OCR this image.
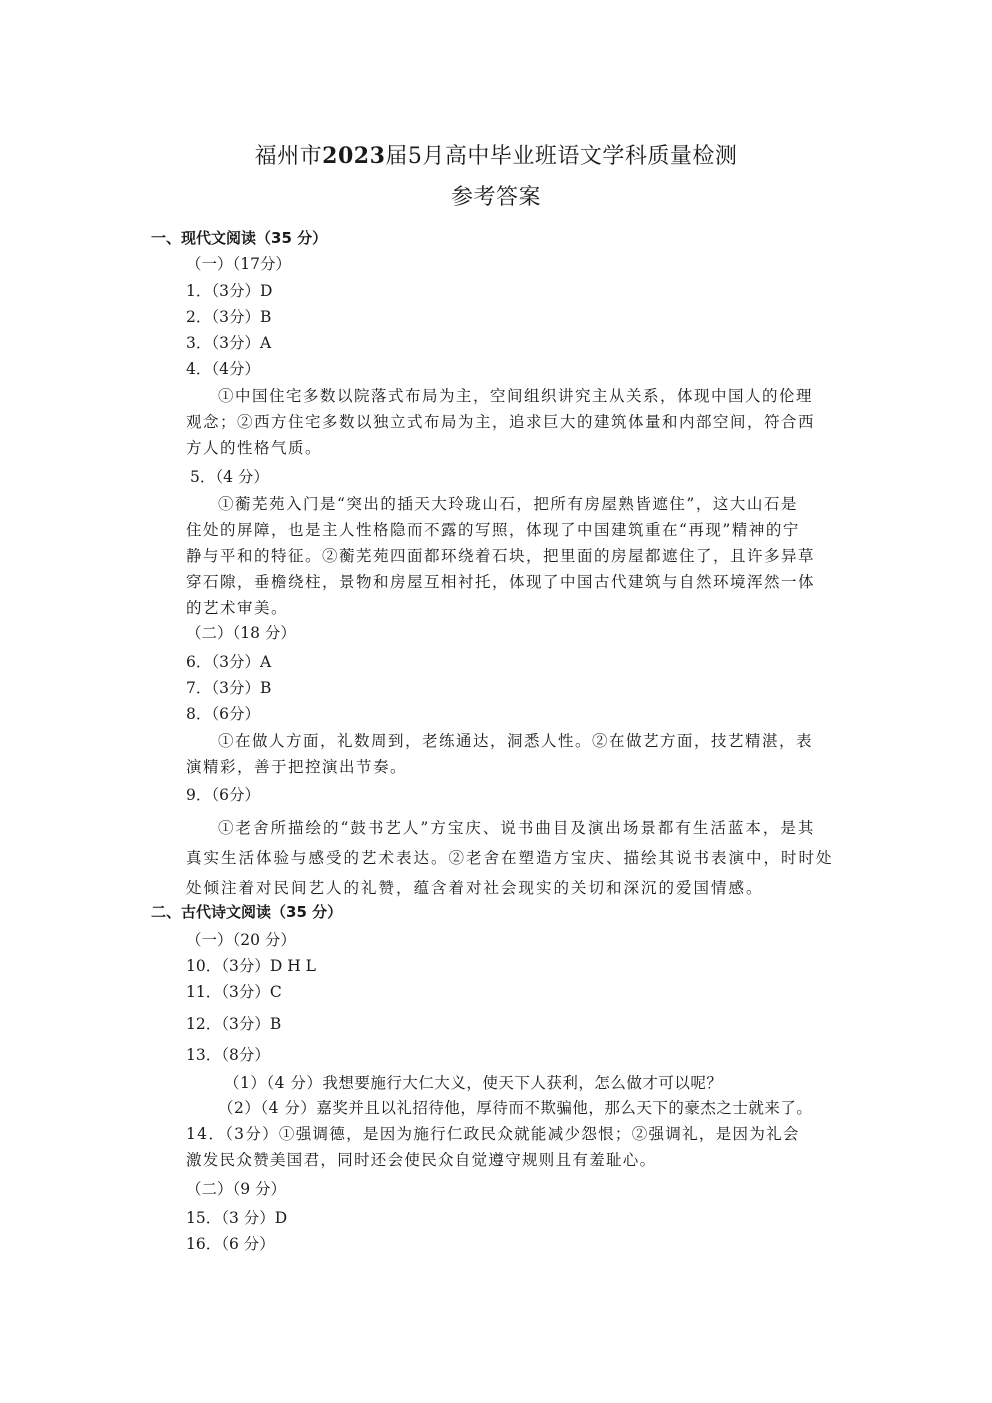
福州市2023届5月高中毕业班语文学科质量检测
参考答案
一、现代文阅读（35 分）
（一）（17分）
1．（3分）D
2．（3分）B
3．（3分）A
4．（4分）
①中国住宅多数以院落式布局为主，空间组织讲究主从关系，体现中国人的伦理
观念；②西方住宅多数以独立式布局为主，追求巨大的建筑体量和内部空间，符合西
方人的性格气质。
5．（4 分）
①蘅芜苑入门是“突出的插天大玲珑山石，把所有房屋熟皆遮住”，这大山石是
住处的屏障，也是主人性格隐而不露的写照，体现了中国建筑重在“再现”精神的宁
静与平和的特征。②蘅芜苑四面都环绕着石块，把里面的房屋都遮住了，且许多异草
穿石隙，垂檐绕柱，景物和房屋互相衬托，体现了中国古代建筑与自然环境浑然一体
的艺术审美。
（二）（18 分）
6．（3分）A
7．（3分）B
8．（6分）
①在做人方面，礼数周到，老练通达，洞悉人性。②在做艺方面，技艺精湛，表
演精彩，善于把控演出节奏。
9．（6分）
①老舍所描绘的“鼓书艺人”方宝庆、说书曲目及演出场景都有生活蓝本，是其
真实生活体验与感受的艺术表达。②老舍在塑造方宝庆、描绘其说书表演中，时时处
处倾注着对民间艺人的礼赞，蕴含着对社会现实的关切和深沉的爱国情感。
二、古代诗文阅读（35 分）
（一）（20 分）
10．（3分）D H L
11．（3分）C
12．（3分）B
13．（8分）
（1）（4 分）我想要施行大仁大义，使天下人获利，怎么做才可以呢？
（2）（4 分）嘉奖并且以礼招待他，厚待而不欺骗他，那么天下的豪杰之士就来了。
14．（3分）①强调德，是因为施行仁政民众就能减少怨恨；②强调礼，是因为礼会
激发民众赞美国君，同时还会使民众自觉遵守规则且有羞耻心。
（二）（9 分）
15．（3 分）D
16．（6 分）
